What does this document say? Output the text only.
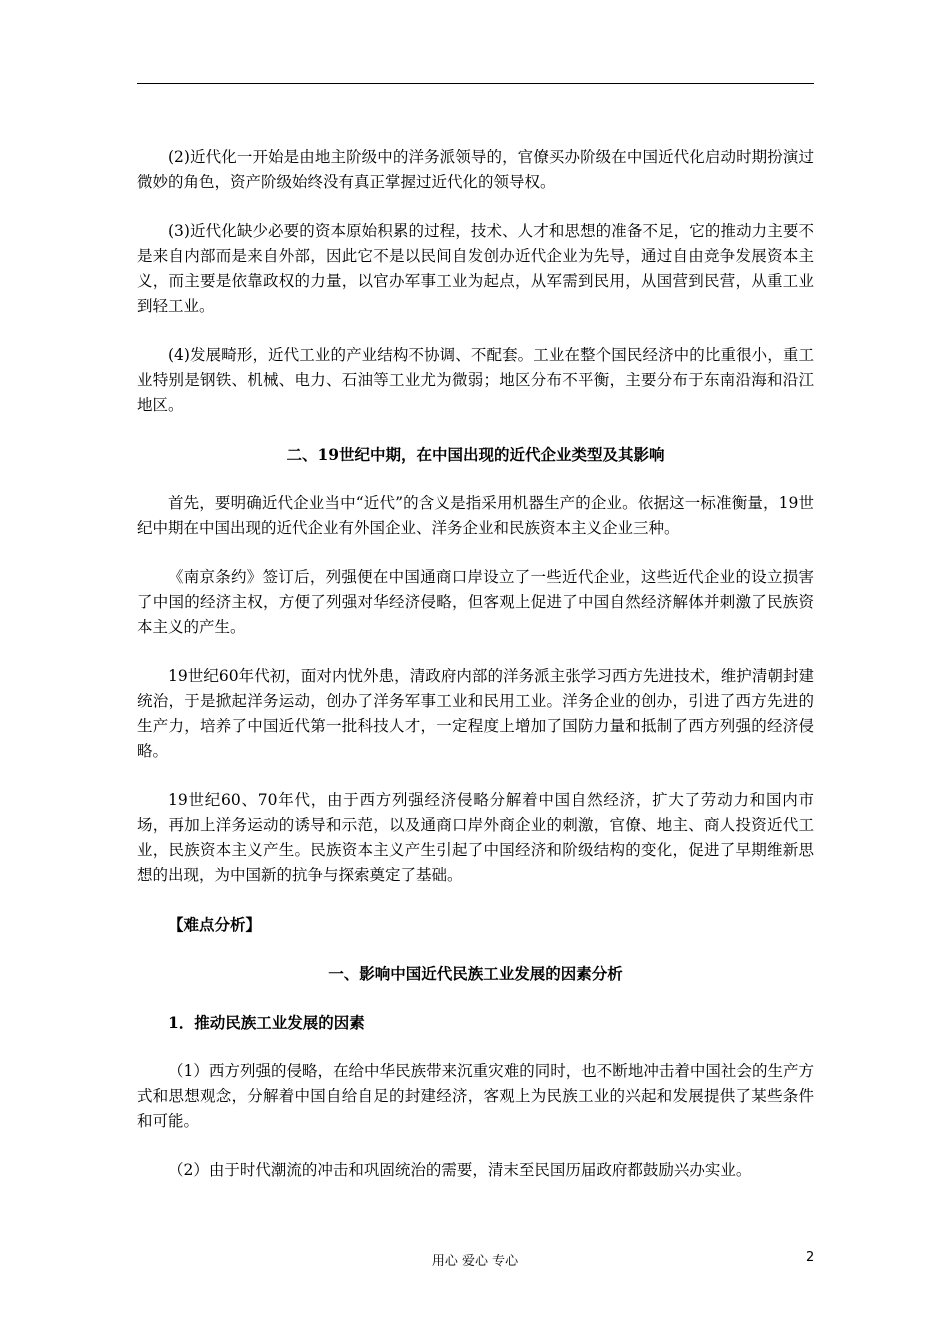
(2)近代化一开始是由地主阶级中的洋务派领导的，官僚买办阶级在中国近代化启动时期扮演过微妙的角色，资产阶级始终没有真正掌握过近代化的领导权。

(3)近代化缺少必要的资本原始积累的过程，技术、人才和思想的准备不足，它的推动力主要不是来自内部而是来自外部，因此它不是以民间自发创办近代企业为先导，通过自由竞争发展资本主义，而主要是依靠政权的力量，以官办军事工业为起点，从军需到民用，从国营到民营，从重工业到轻工业。

(4)发展畸形，近代工业的产业结构不协调、不配套。工业在整个国民经济中的比重很小，重工业特别是钢铁、机械、电力、石油等工业尤为微弱；地区分布不平衡，主要分布于东南沿海和沿江地区。

二、19世纪中期，在中国出现的近代企业类型及其影响

首先，要明确近代企业当中“近代”的含义是指采用机器生产的企业。依据这一标准衡量，19世纪中期在中国出现的近代企业有外国企业、洋务企业和民族资本主义企业三种。

《南京条约》签订后，列强便在中国通商口岸设立了一些近代企业，这些近代企业的设立损害了中国的经济主权，方便了列强对华经济侵略，但客观上促进了中国自然经济解体并刺激了民族资本主义的产生。

19世纪60年代初，面对内忧外患，清政府内部的洋务派主张学习西方先进技术，维护清朝封建统治，于是掀起洋务运动，创办了洋务军事工业和民用工业。洋务企业的创办，引进了西方先进的生产力，培养了中国近代第一批科技人才，一定程度上增加了国防力量和抵制了西方列强的经济侵略。

19世纪60、70年代，由于西方列强经济侵略分解着中国自然经济，扩大了劳动力和国内市场，再加上洋务运动的诱导和示范，以及通商口岸外商企业的刺激，官僚、地主、商人投资近代工业，民族资本主义产生。民族资本主义产生引起了中国经济和阶级结构的变化，促进了早期维新思想的出现，为中国新的抗争与探索奠定了基础。

【难点分析】

一、影响中国近代民族工业发展的因素分析

1．推动民族工业发展的因素

（1）西方列强的侵略，在给中华民族带来沉重灾难的同时，也不断地冲击着中国社会的生产方式和思想观念，分解着中国自给自足的封建经济，客观上为民族工业的兴起和发展提供了某些条件和可能。

（2）由于时代潮流的冲击和巩固统治的需要，清末至民国历届政府都鼓励兴办实业。

用心 爱心 专心	2
